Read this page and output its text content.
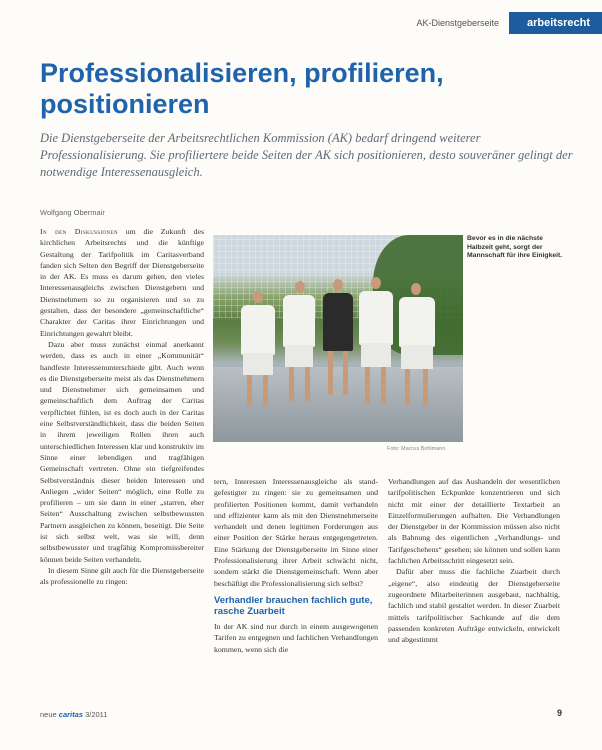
AK-Dienstgeberseite	arbeitsrecht
Professionalisieren, profilieren,
positionieren

Die Dienstgeberseite der Arbeitsrechtlichen Kommission (AK) bedarf dringend weiterer Professionalisierung. Sie profiliertere beide Seiten der AK sich positionieren, desto souveräner gelingt der notwendige Interessenausgleich.

Wolfgang Obermair

In den Diskussionen um die Zukunft des kirchlichen Arbeitsrechts und die künftige Gestaltung der Tarifpolitik im Caritasverband fanden sich Selten den Begriff der Dienstgeberseite in der AK. Es muss es darum gehen, den vieles Interessenausgleichs zwischen Dienstgebern und Dienstnehmern so zu organisieren und so zu gestalten, dass der besondere „gemeinschaftliche“ Charakter der Caritas ihrer Einrichtungen und Einrichtungen gewahrt bleibt.

Dazu aber muss zunächst einmal anerkannt werden, dass es auch in einer „Kommunität“ handfeste Interessenunterschiede gibt. Auch wenn es die Dienstgeberseite meist als das Dienstnehmern und Dienstnehmer sich gemeinsamen und gemeinschaftlich dem Auftrag der Caritas verpflichtet fühlen, ist es doch auch in der Caritas eine Selbstverständlichkeit, dass die beiden Seiten in ihrem jeweiligen Rollen ihren auch unterschiedlichen Interessen klar und konstruktiv im Sinne einer lebendigen und tragfähigen Gemeinschaft vertreten. Ohne ein tiefgreifendes Selbstverständnis dieser beiden Interessen und Anliegen „wider Seiten“ möglich, eine Rolle zu profilieren – um sie dann in einer „starren, eher Seiten“ Ausschaltung zwischen selbstbewussten Partnern ausgleichen zu können, beseitigt. Die Seite ist sich selbst welt, was sie will, denn selbstbewusster und tragfähig Kompromissbereiter können beide Seiten verhandeln.

In diesem Sinne gilt auch für die Dienstgeberseite als professionelle zu ringen:

Bevor es in die nächste Halbzeit geht, sorgt der Mannschaft für ihre Einigkeit.
Foto: Marcus Bohlmann

tern, Interessen Interessenausgleiche als stand- gefestigter zu ringen: sie zu gemeinsamen und profilierten Positionen kommt, damit verhandeln und effizienter kann als mit den Dienstnehmerseite verhandelt und denen legitimen Forderungen aus einer Position der Stärke heraus entgegengetreten. Eine Stärkung der Dienstgeberseite im Sinne einer Professionalisierung ihrer Arbeit schwächt nicht, sondern stärkt die Dienstgemeinschaft. Wenn aber beschäftigt die Professionalisierung sich selbst?

Verhandler brauchen fachlich gute, rasche Zuarbeit

In der AK sind nur durch in einem ausgewogenen Tarifen zu entgegnen und fachlichen Verhandlungen kommen, wenn sich die

Verhandlungen auf das Aushandeln der wesentlichen tarifpolitischen Eckpunkte konzentrieren und sich nicht mit einer der detaillierte Textarbeit an Einzelformulierungen aufhalten. Die Verhandlungen der Dienstgeber in der Kommission müssen also nicht als Bahnung des eigentlichen „Verhandlungs- und Tarifgeschehens“ gesehen; sie können und sollen kann fachlichen Arbeitsschritt eingesetzt sein.

Dafür aber muss die fachliche Zuarbeit durch „eigene“, also eindeutig der Dienstgeberseite zugeordnete Mitarbeiterinnen ausgebaut, nachhaltig, fachlich und stabil gestaltet werden. In dieser Zuarbeit mittels tarifpolitischer Sachkunde auf die dem passenden konkreten Aufträge entwickeln, entwickelt und abgestimmt

neue caritas 3/2011	9
